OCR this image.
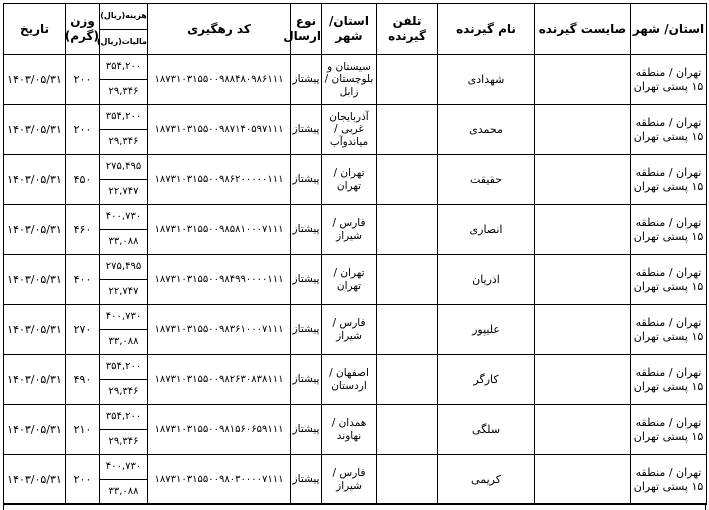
استان/ شهر	صایست گیرنده	نام گیرنده	تلفن گیرنده	استان/ شهر	نوع ارسال	کد رهگیری	هزینه(ریال)	وزن (گرم)	تاریخ
							مالیات(ریال)		
تهران / منطقه ۱۵ پستی تهران		شهدادی		سیستان و بلوچستان / زابل	پیشتاز	۱۸۷۳۱۰۳۱۵۵۰۰۹۸۸۴۸۰۹۸۶۱۱۱	۳۵۴,۲۰۰	۲۰۰	۱۴۰۳/۰۵/۳۱
							۲۹,۳۴۶		
تهران / منطقه ۱۵ پستی تهران		محمدی		آذربایجان غربی / میاندوآب	پیشتاز	۱۸۷۳۱۰۳۱۵۵۰۰۹۸۷۱۴۰۵۹۷۱۱۱	۳۵۴,۲۰۰	۲۰۰	۱۴۰۳/۰۵/۳۱
							۲۹,۳۴۶		
تهران / منطقه ۱۵ پستی تهران		حقیقت		تهران / تهران	پیشتاز	۱۸۷۳۱۰۳۱۵۵۰۰۹۸۶۲۰۰۰۰۰۱۱۱	۲۷۵,۴۹۵	۴۵۰	۱۴۰۳/۰۵/۳۱
							۲۲,۷۴۷		
تهران / منطقه ۱۵ پستی تهران		انصاری		فارس / شیراز	پیشتاز	۱۸۷۳۱۰۳۱۵۵۰۰۹۸۵۸۱۰۰۰۷۱۱۱	۴۰۰,۷۳۰	۴۶۰	۱۴۰۳/۰۵/۳۱
							۳۳,۰۸۸		
تهران / منطقه ۱۵ پستی تهران		اذریان		تهران / تهران	پیشتاز	۱۸۷۳۱۰۳۱۵۵۰۰۹۸۴۹۹۰۰۰۰۱۱۱	۲۷۵,۴۹۵	۴۰۰	۱۴۰۳/۰۵/۳۱
							۲۲,۷۴۷		
تهران / منطقه ۱۵ پستی تهران		علیپور		فارس / شیراز	پیشتاز	۱۸۷۳۱۰۳۱۵۵۰۰۹۸۳۶۱۰۰۰۷۱۱۱	۴۰۰,۷۳۰	۲۷۰	۱۴۰۳/۰۵/۳۱
							۳۳,۰۸۸		
تهران / منطقه ۱۵ پستی تهران		کارگر		اصفهان / اردستان	پیشتاز	۱۸۷۳۱۰۳۱۵۵۰۰۹۸۲۶۳۰۸۳۸۱۱۱	۳۵۴,۲۰۰	۴۹۰	۱۴۰۳/۰۵/۳۱
							۲۹,۳۴۶		
تهران / منطقه ۱۵ پستی تهران		سلگی		همدان / نهاوند	پیشتاز	۱۸۷۳۱۰۳۱۵۵۰۰۹۸۱۵۶۰۶۵۹۱۱۱	۳۵۴,۲۰۰	۲۱۰	۱۴۰۳/۰۵/۳۱
							۲۹,۳۴۶		
تهران / منطقه ۱۵ پستی تهران		کریمی		فارس / شیراز	پیشتاز	۱۸۷۳۱۰۳۱۵۵۰۰۹۸۰۳۰۰۰۰۷۱۱۱	۴۰۰,۷۳۰	۲۰۰	۱۴۰۳/۰۵/۳۱
							۳۳,۰۸۸		
